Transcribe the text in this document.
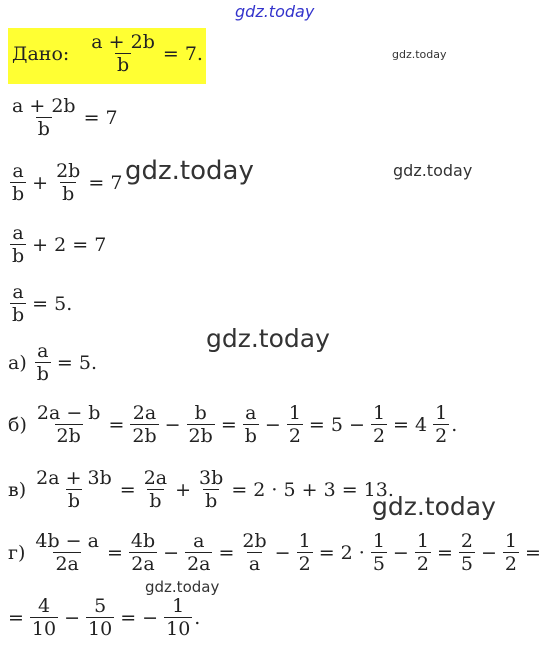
gdz.today
gdz.today
gdz.today	gdz.today
gdz.today
gdz.today
gdz.today
Дано: $\frac{a + 2b}{b} = 7$.
$\frac{a + 2b}{b} = 7$
$\frac{a}{b} + \frac{2b}{b} = 7$
$\frac{a}{b} + 2 = 7$
$\frac{a}{b} = 5$.
$а) \frac{a}{b} = 5$.
$б) \frac{2a - b}{2b} = \frac{2a}{2b} - \frac{b}{2b} = \frac{a}{b} - \frac{1}{2} = 5 - \frac{1}{2} = 4 \frac{1}{2}$ .
$в) \frac{2a + 3b}{b} = \frac{2a}{b} + \frac{3b}{b} = 2 \cdot 5 + 3 = 13$.
$г) \frac{4b - a}{2a} = \frac{4b}{2a} - \frac{a}{2a} = \frac{2b}{a} - \frac{1}{2} = 2 \cdot \frac{1}{5} - \frac{1}{2} = \frac{2}{5} - \frac{1}{2}$ =
= $\frac{4}{10} - \frac{5}{10}$ = − $\frac{1}{10}$ .
